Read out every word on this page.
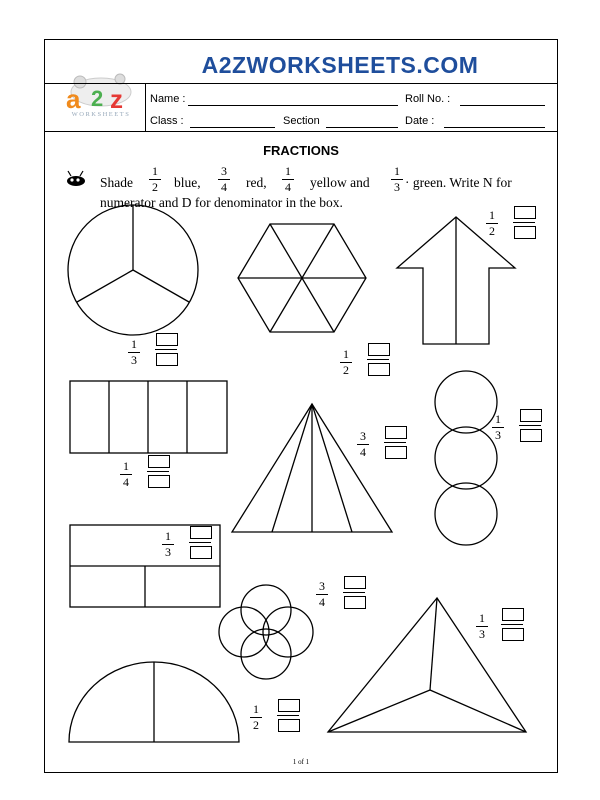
A2ZWORKSHEETS.COM
a 2 z
WORKSHEETS
Name :	Roll No. :
Class :	Section	Date :
FRACTIONS
Shade
1
2 blue,
3
4 red,
1
4 yellow and
1
3 · green. Write N for
numerator and D for denominator in the box.
1
3	1
2
1
2
1
4
3
4
1
3
1
3
3
4
1
2
1
3
1 of 1
